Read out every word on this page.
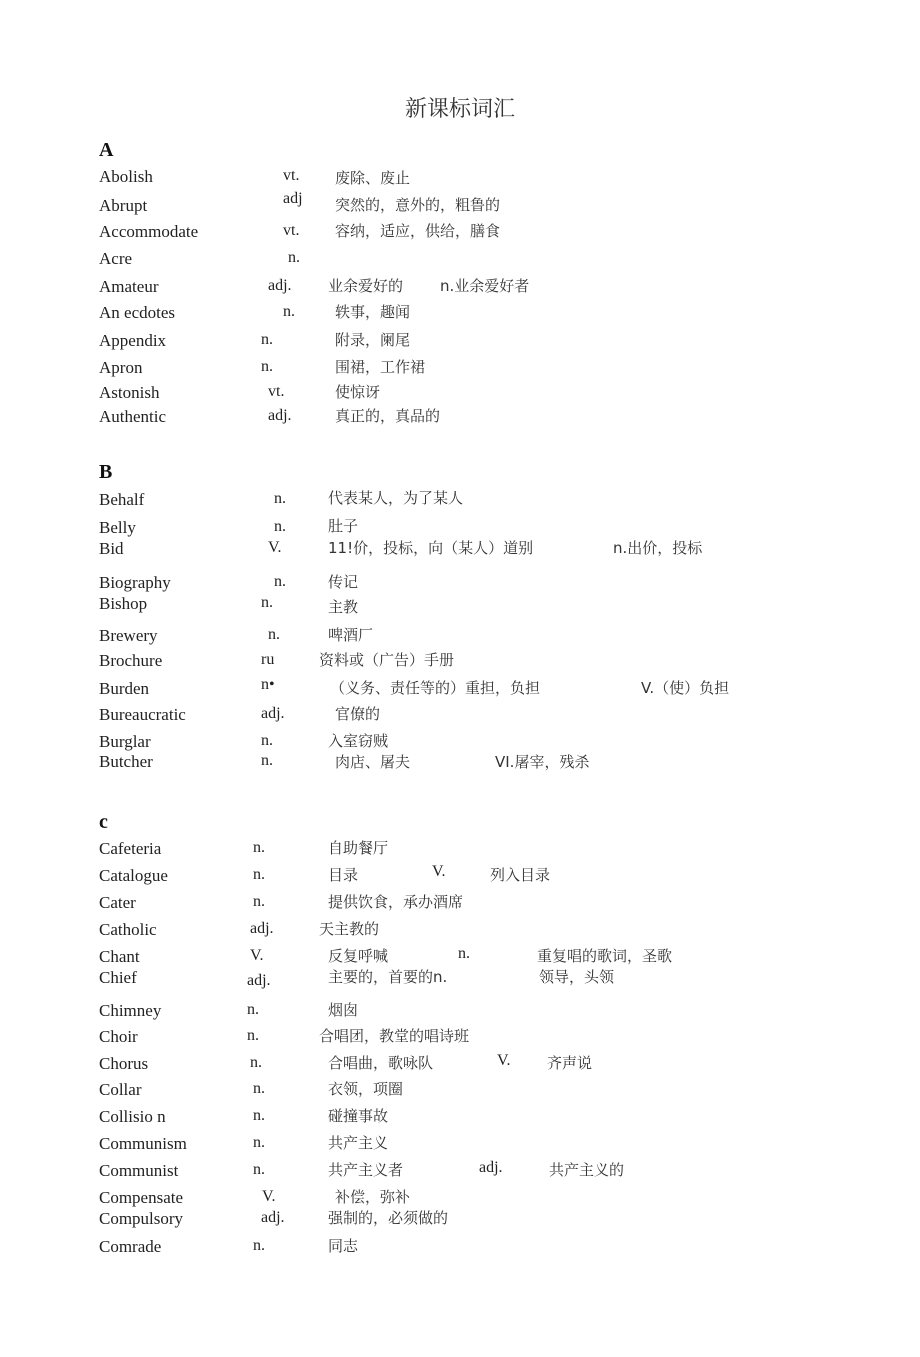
新课标词汇
A
Abolish	vt. 废除、废止
Abrupt	adj 突然的，意外的，粗鲁的
Accommodate	vt. 容纳，适应，供给，膳食
Acre	n.
Amateur	adj. 业余爱好的 n.业余爱好者
An ecdotes	n.	轶事，趣闻
Appendix	n.	附录，阑尾
Apron	n.	围裙，工作裙
Astonish	vt.	使惊讶
Authentic	adj.	真正的，真品的
B
Behalf	n.	代表某人，为了某人
Belly	n.	肚子
Bid	V.	11!价，投标，向（某人）道别	n.出价，投标
Biography	n.	传记
Bishop	n.	主教
Brewery	n.	啤酒厂
Brochure	ru	资料或（广告）手册
Burden	n•	（义务、责任等的）重担，负担	V.（使）负担
Bureaucratic	adj.	官僚的
Burglar	n.	入室窃贼
Butcher	n.	肉店、屠夫	VI.屠宰，残杀
c
Cafeteria	n.	自助餐厅
Catalogue	n.	目录	V.	列入目录
Cater	n.	提供饮食，承办酒席
Catholic	adj.	天主教的
Chant	V.	反复呼喊	n.	重复唱的歌词，圣歌
Chief	adj.	主要的，首要的n.	领导，头领
Chimney	n.	烟囱
Choir	n.	合唱团，教堂的唱诗班
Chorus	n.	合唱曲，歌咏队	V. 齐声说
Collar	n.	衣领，项圈
Collisio n	n.	碰撞事故
Communism	n.	共产主义
Communist	n.	共产主义者	adj.	共产主义的
Compensate	V.	补偿，弥补
Compulsory	adj.	强制的，必须做的
Comrade	n.	同志
